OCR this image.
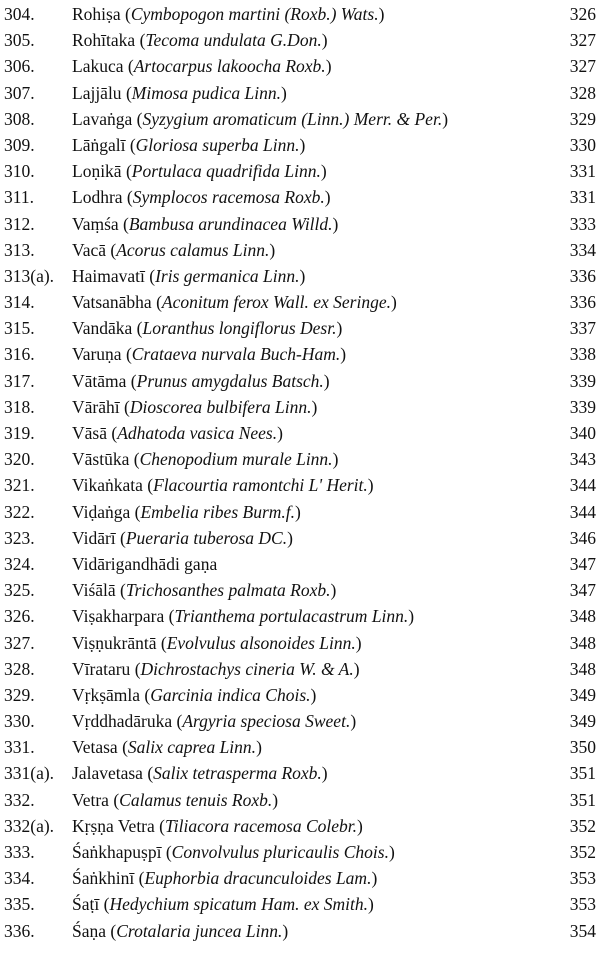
304. Rohiṣa (Cymbopogon martini (Roxb.) Wats.)	326
305. Rohītaka (Tecoma undulata G.Don.)	327
306. Lakuca (Artocarpus lakoocha Roxb.)	327
307. Lajjālu (Mimosa pudica Linn.)	328
308. Lavaṅga (Syzygium aromaticum (Linn.) Merr. & Per.)	329
309. Lāṅgalī (Gloriosa superba Linn.)	330
310. Loṇikā (Portulaca quadrifida Linn.)	331
311. Lodhra (Symplocos racemosa Roxb.)	331
312. Vaṃśa (Bambusa arundinacea Willd.)	333
313. Vacā (Acorus calamus Linn.)	334
313(a). Haimavatī (Iris germanica Linn.)	336
314. Vatsanābha (Aconitum ferox Wall. ex Seringe.)	336
315. Vandāka (Loranthus longiflorus Desr.)	337
316. Varuṇa (Crataeva nurvala Buch-Ham.)	338
317. Vātāma (Prunus amygdalus Batsch.)	339
318. Vārāhī (Dioscorea bulbifera Linn.)	339
319. Vāsā (Adhatoda vasica Nees.)	340
320. Vāstūka (Chenopodium murale Linn.)	343
321. Vikaṅkata (Flacourtia ramontchi L' Herit.)	344
322. Viḍaṅga (Embelia ribes Burm.f.)	344
323. Vidārī (Pueraria tuberosa DC.)	346
324. Vidārigandhādi gaṇa	347
325. Viśālā (Trichosanthes palmata Roxb.)	347
326. Viṣakharpara (Trianthema portulacastrum Linn.)	348
327. Viṣṇukrāntā (Evolvulus alsonoides Linn.)	348
328. Vīrataru (Dichrostachys cineria W. & A.)	348
329. Vṛkṣāmla (Garcinia indica Chois.)	349
330. Vṛddhadāruka (Argyria speciosa Sweet.)	349
331. Vetasa (Salix caprea Linn.)	350
331(a). Jalavetasa (Salix tetrasperma Roxb.)	351
332. Vetra (Calamus tenuis Roxb.)	351
332(a). Kṛṣṇa Vetra (Tiliacora racemosa Colebr.)	352
333. Śaṅkhapuṣpī (Convolvulus pluricaulis Chois.)	352
334. Śaṅkhinī (Euphorbia dracunculoides Lam.)	353
335. Śaṭī (Hedychium spicatum Ham. ex Smith.)	353
336. Śaṇa (Crotalaria juncea Linn.)	354
